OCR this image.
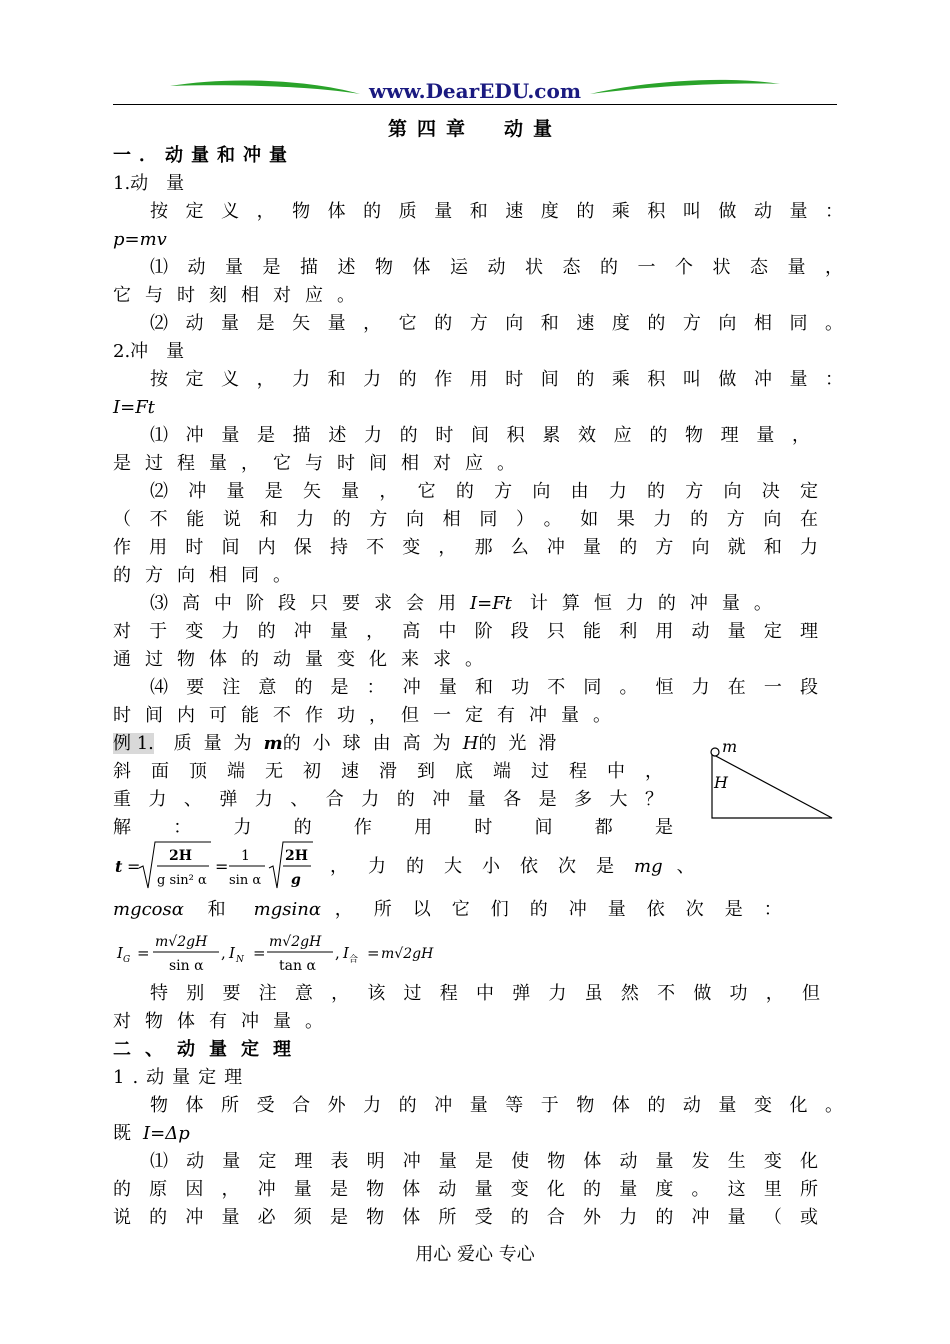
www.DearEDU.com
第四章　动量
一．动量和冲量
1.动　量
按定义，物体的质量和速度的乘积叫做动量：
p=mv
⑴动量是描述物体运动状态的一个状态量，
它与时刻相对应。
⑵动量是矢量，它的方向和速度的方向相同。
2.冲　量
按定义，力和力的作用时间的乘积叫做冲量：
I=Ft
⑴冲量是描述力的时间积累效应的物理量，
是过程量，它与时间相对应。
⑵冲量是矢量，它的方向由力的方向决定
（不能说和力的方向相同）。如果力的方向在
作用时间内保持不变，那么冲量的方向就和力
的方向相同。
⑶高中阶段只要求会用I=Ft 计算恒力的冲量。
对于变力的冲量，高中阶段只能利用动量定理
通过物体的动量变化来求。
⑷要注意的是：冲量和功不同。恒力在一段
时间内可能不作功，但一定有冲量。
例 1. 质量为m的小球由高为H的光滑
斜面顶端无初速滑到底端过程中，
重力、弹力、合力的冲量各是多大？
解：力的作用时间都是
m
H
t =
2H
g sin² α
=
1
sin α
2H
g
，力的大小依次是mg 、
mgcosα 和 mgsinα ，所以它们的冲量依次是：
I G =
m√2gH
sin α
, I N =
m√2gH
tan α
, I 合 = m√2gH
特别要注意，该过程中弹力虽然不做功，但
对物体有冲量。
二、动量定理
1.动量定理
物体所受合外力的冲量等于物体的动量变化。
既 I=Δp
⑴动量定理表明冲量是使物体动量发生变化
的原因，冲量是物体动量变化的量度。这里所
说的冲量必须是物体所受的合外力的冲量（或
用心 爱心 专心
